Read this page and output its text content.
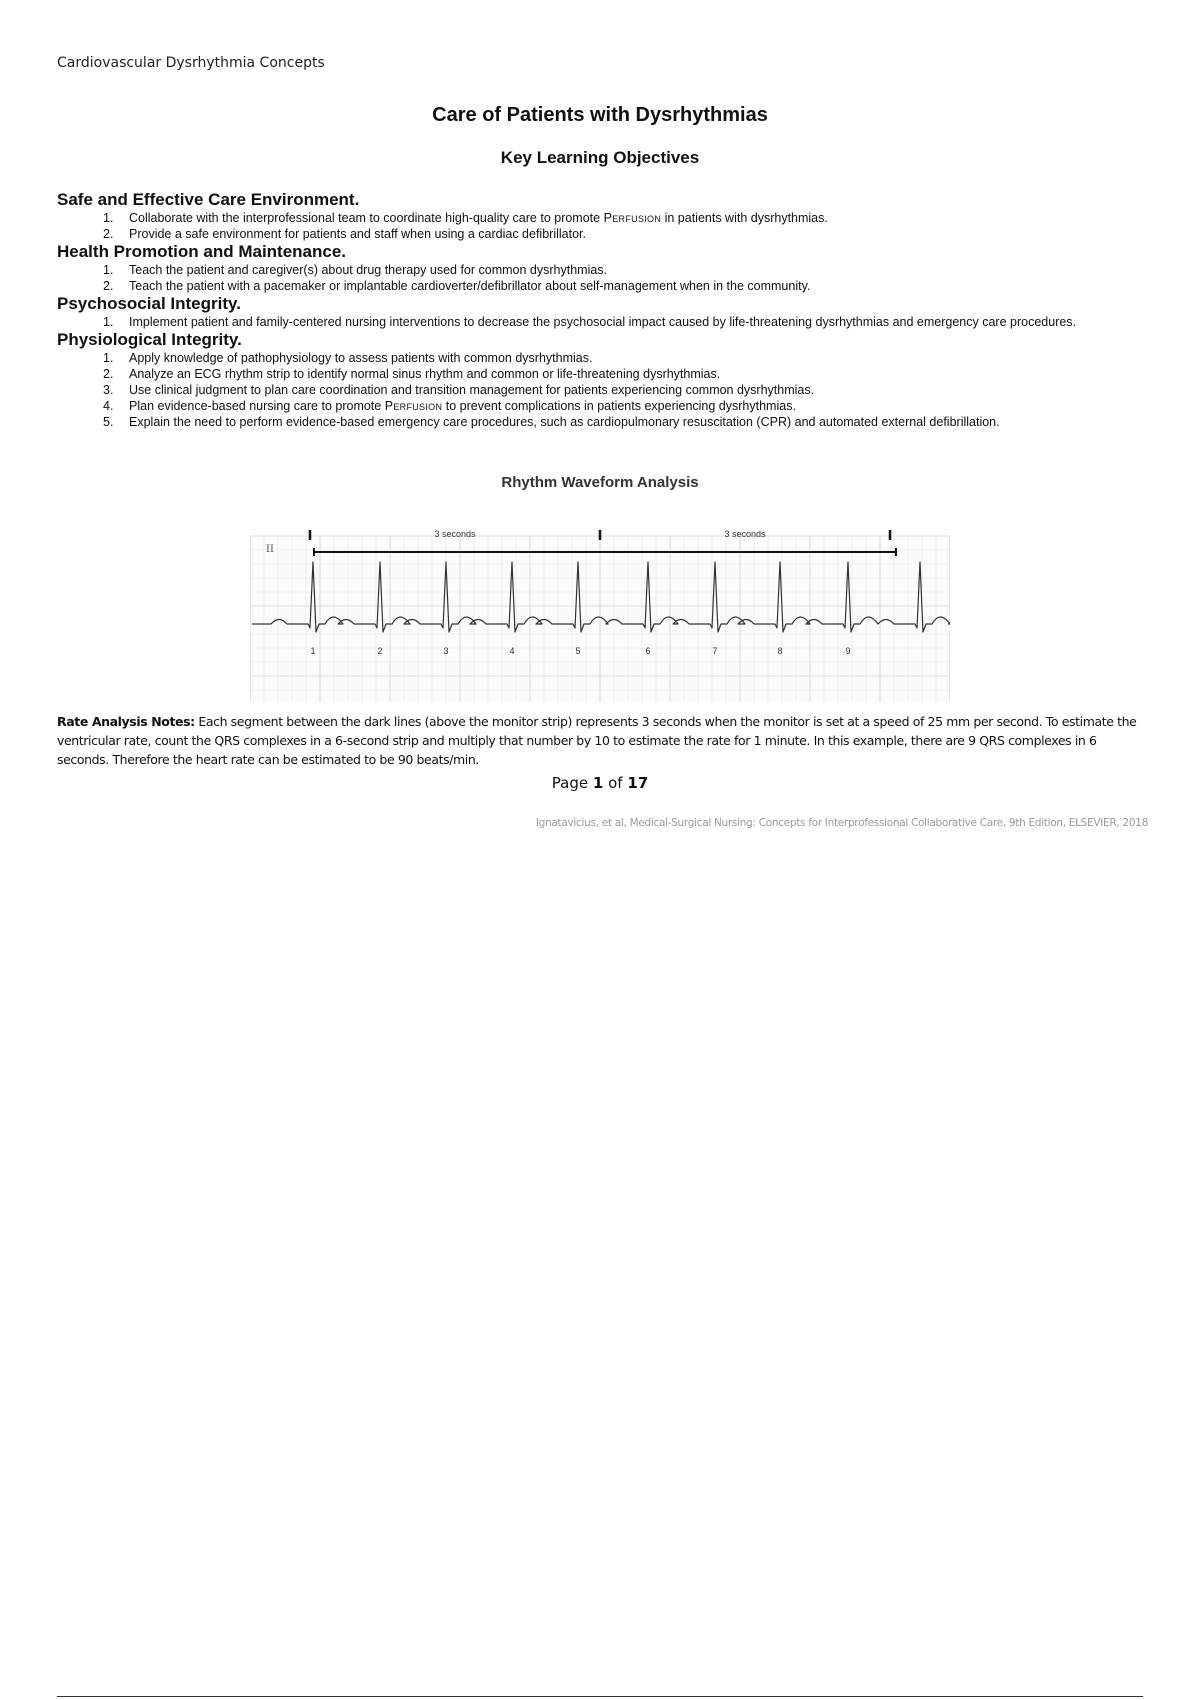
Cardiovascular Dysrhythmia Concepts
Care of Patients with Dysrhythmias
Key Learning Objectives
Safe and Effective Care Environment.
1. Collaborate with the interprofessional team to coordinate high-quality care to promote Perfusion in patients with dysrhythmias.
2. Provide a safe environment for patients and staff when using a cardiac defibrillator.
Health Promotion and Maintenance.
1. Teach the patient and caregiver(s) about drug therapy used for common dysrhythmias.
2. Teach the patient with a pacemaker or implantable cardioverter/defibrillator about self-management when in the community.
Psychosocial Integrity.
1. Implement patient and family-centered nursing interventions to decrease the psychosocial impact caused by life-threatening dysrhythmias and emergency care procedures.
Physiological Integrity.
1. Apply knowledge of pathophysiology to assess patients with common dysrhythmias.
2. Analyze an ECG rhythm strip to identify normal sinus rhythm and common or life-threatening dysrhythmias.
3. Use clinical judgment to plan care coordination and transition management for patients experiencing common dysrhythmias.
4. Plan evidence-based nursing care to promote Perfusion to prevent complications in patients experiencing dysrhythmias.
5. Explain the need to perform evidence-based emergency care procedures, such as cardiopulmonary resuscitation (CPR) and automated external defibrillation.
Rhythm Waveform Analysis
3 seconds	3 seconds
II
1	2	3	4	5	6	7	8	9
Rate Analysis Notes: Each segment between the dark lines (above the monitor strip) represents 3 seconds when the monitor is set at a speed of 25 mm per second. To estimate the ventricular rate, count the QRS complexes in a 6-second strip and multiply that number by 10 to estimate the rate for 1 minute. In this example, there are 9 QRS complexes in 6 seconds. Therefore the heart rate can be estimated to be 90 beats/min.
Page 1 of 17
Ignatavicius, et al, Medical-Surgical Nursing: Concepts for Interprofessional Collaborative Care, 9th Edition, ELSEVIER, 2018
